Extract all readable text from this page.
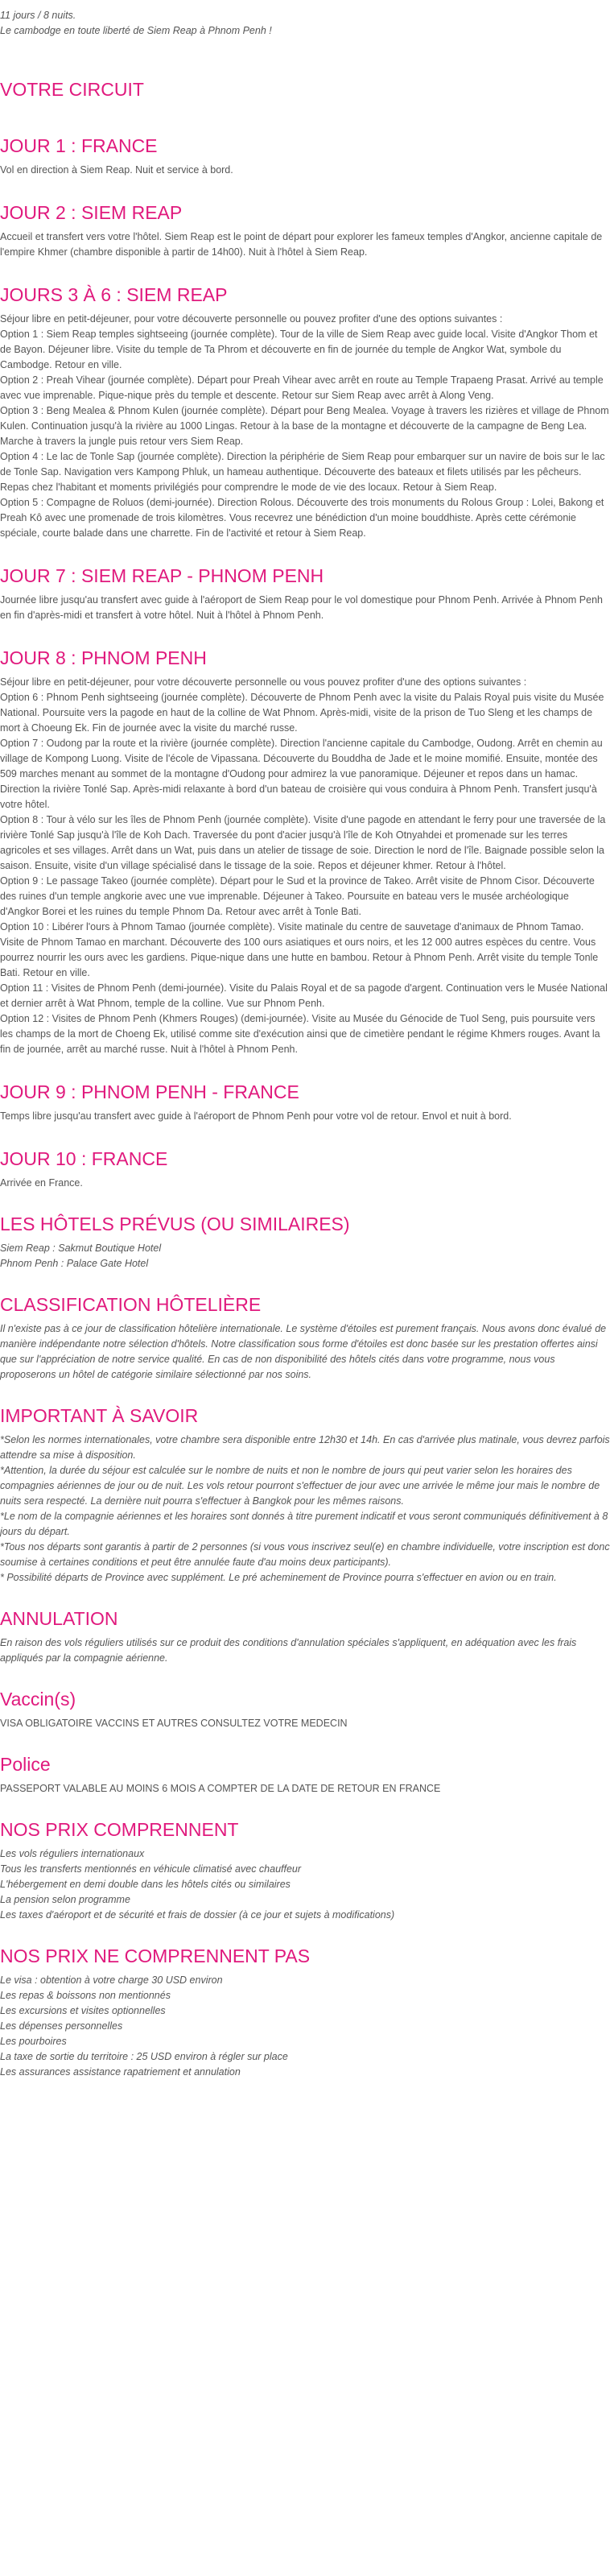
11 jours / 8 nuits.

Le cambodge en toute liberté de Siem Reap à Phnom Penh !

VOTRE CIRCUIT
JOUR 1 : FRANCE

Vol en direction à Siem Reap. Nuit et service à bord.

JOUR 2 : SIEM REAP

Accueil et transfert vers votre l'hôtel. Siem Reap est le point de départ pour explorer les fameux temples d'Angkor, ancienne capitale de l'empire Khmer (chambre disponible à partir de 14h00). Nuit à l'hôtel à Siem Reap.

JOURS 3 À 6 : SIEM REAP

Séjour libre en petit-déjeuner, pour votre découverte personnelle ou pouvez profiter d'une des options suivantes :

Option 1 : Siem Reap temples sightseeing (journée complète). Tour de la ville de Siem Reap avec guide local. Visite d'Angkor Thom et de Bayon. Déjeuner libre. Visite du temple de Ta Phrom et découverte en fin de journée du temple de Angkor Wat, symbole du Cambodge. Retour en ville.

Option 2 : Preah Vihear (journée complète). Départ pour Preah Vihear avec arrêt en route au Temple Trapaeng Prasat. Arrivé au temple avec vue imprenable. Pique-nique près du temple et descente. Retour sur Siem Reap avec arrêt à Along Veng.

Option 3 : Beng Mealea & Phnom Kulen (journée complète). Départ pour Beng Mealea. Voyage à travers les rizières et village de Phnom Kulen. Continuation jusqu'à la rivière au 1000 Lingas. Retour à la base de la montagne et découverte de la campagne de Beng Lea. Marche à travers la jungle puis retour vers Siem Reap.

Option 4 : Le lac de Tonle Sap (journée complète). Direction la périphérie de Siem Reap pour embarquer sur un navire de bois sur le lac de Tonle Sap. Navigation vers Kampong Phluk, un hameau authentique. Découverte des bateaux et filets utilisés par les pêcheurs. Repas chez l'habitant et moments privilégiés pour comprendre le mode de vie des locaux. Retour à Siem Reap.

Option 5 : Compagne de Roluos (demi-journée). Direction Rolous. Découverte des trois monuments du Rolous Group : Lolei, Bakong et Preah Kô avec une promenade de trois kilomètres. Vous recevrez une bénédiction d'un moine bouddhiste. Après cette cérémonie spéciale, courte balade dans une charrette. Fin de l'activité et retour à Siem Reap.

JOUR 7 : SIEM REAP - PHNOM PENH

Journée libre jusqu'au transfert avec guide à l'aéroport de Siem Reap pour le vol domestique pour Phnom Penh. Arrivée à Phnom Penh en fin d'après-midi et transfert à votre hôtel. Nuit à l'hôtel à Phnom Penh.

JOUR 8 : PHNOM PENH

Séjour libre en petit-déjeuner, pour votre découverte personnelle ou vous pouvez profiter d'une des options suivantes :

Option 6 : Phnom Penh sightseeing (journée complète). Découverte de Phnom Penh avec la visite du Palais Royal puis visite du Musée National. Poursuite vers la pagode en haut de la colline de Wat Phnom. Après-midi, visite de la prison de Tuo Sleng et les champs de mort à Choeung Ek. Fin de journée avec la visite du marché russe.

Option 7 : Oudong par la route et la rivière (journée complète). Direction l'ancienne capitale du Cambodge, Oudong. Arrêt en chemin au village de Kompong Luong. Visite de l'école de Vipassana. Découverte du Bouddha de Jade et le moine momifié. Ensuite, montée des 509 marches menant au sommet de la montagne d'Oudong pour admirez la vue panoramique. Déjeuner et repos dans un hamac. Direction la rivière Tonlé Sap. Après-midi relaxante à bord d'un bateau de croisière qui vous conduira à Phnom Penh. Transfert jusqu'à votre hôtel.

Option 8 : Tour à vélo sur les îles de Phnom Penh (journée complète). Visite d'une pagode en attendant le ferry pour une traversée de la rivière Tonlé Sap jusqu'à l'île de Koh Dach. Traversée du pont d'acier jusqu'à l'île de Koh Otnyahdei et promenade sur les terres agricoles et ses villages. Arrêt dans un Wat, puis dans un atelier de tissage de soie. Direction le nord de l'île. Baignade possible selon la saison. Ensuite, visite d'un village spécialisé dans le tissage de la soie. Repos et déjeuner khmer. Retour à l'hôtel.

Option 9 : Le passage Takeo (journée complète). Départ pour le Sud et la province de Takeo. Arrêt visite de Phnom Cisor. Découverte des ruines d'un temple angkorie avec une vue imprenable. Déjeuner à Takeo. Poursuite en bateau vers le musée archéologique d'Angkor Borei et les ruines du temple Phnom Da. Retour avec arrêt à Tonle Bati.

Option 10 : Libérer l'ours à Phnom Tamao (journée complète). Visite matinale du centre de sauvetage d'animaux de Phnom Tamao. Visite de Phnom Tamao en marchant. Découverte des 100 ours asiatiques et ours noirs, et les 12 000 autres espèces du centre. Vous pourrez nourrir les ours avec les gardiens. Pique-nique dans une hutte en bambou. Retour à Phnom Penh. Arrêt visite du temple Tonle Bati. Retour en ville.

Option 11 : Visites de Phnom Penh (demi-journée). Visite du Palais Royal et de sa pagode d'argent. Continuation vers le Musée National et dernier arrêt à Wat Phnom, temple de la colline. Vue sur Phnom Penh.

Option 12 : Visites de Phnom Penh (Khmers Rouges) (demi-journée). Visite au Musée du Génocide de Tuol Seng, puis poursuite vers les champs de la mort de Choeng Ek, utilisé comme site d'exécution ainsi que de cimetière pendant le régime Khmers rouges. Avant la fin de journée, arrêt au marché russe. Nuit à l'hôtel à Phnom Penh.

JOUR 9 : PHNOM PENH - FRANCE

Temps libre jusqu'au transfert avec guide à l'aéroport de Phnom Penh pour votre vol de retour. Envol et nuit à bord.

JOUR 10 : FRANCE

Arrivée en France.

LES HÔTELS PRÉVUS (OU SIMILAIRES)

Siem Reap : Sakmut Boutique Hotel

Phnom Penh : Palace Gate Hotel

CLASSIFICATION HÔTELIÈRE

Il n'existe pas à ce jour de classification hôtelière internationale. Le système d'étoiles est purement français. Nous avons donc évalué de manière indépendante notre sélection d'hôtels. Notre classification sous forme d'étoiles est donc basée sur les prestation offertes ainsi que sur l'appréciation de notre service qualité. En cas de non disponibilité des hôtels cités dans votre programme, nous vous proposerons un hôtel de catégorie similaire sélectionné par nos soins.

IMPORTANT À SAVOIR

*Selon les normes internationales, votre chambre sera disponible entre 12h30 et 14h. En cas d'arrivée plus matinale, vous devrez parfois attendre sa mise à disposition.

*Attention, la durée du séjour est calculée sur le nombre de nuits et non le nombre de jours qui peut varier selon les horaires des compagnies aériennes de jour ou de nuit. Les vols retour pourront s'effectuer de jour avec une arrivée le même jour mais le nombre de nuits sera respecté. La dernière nuit pourra s'effectuer à Bangkok pour les mêmes raisons.

*Le nom de la compagnie aériennes et les horaires sont donnés à titre purement indicatif et vous seront communiqués définitivement à 8 jours du départ.

*Tous nos départs sont garantis à partir de 2 personnes (si vous vous inscrivez seul(e) en chambre individuelle, votre inscription est donc soumise à certaines conditions et peut être annulée faute d'au moins deux participants).

* Possibilité départs de Province avec supplément. Le pré acheminement de Province pourra s'effectuer en avion ou en train.

ANNULATION

En raison des vols réguliers utilisés sur ce produit des conditions d'annulation spéciales s'appliquent, en adéquation avec les frais appliqués par la compagnie aérienne.

Vaccin(s)

VISA OBLIGATOIRE VACCINS ET AUTRES CONSULTEZ VOTRE MEDECIN

Police

PASSEPORT VALABLE AU MOINS 6 MOIS A COMPTER DE LA DATE DE RETOUR EN FRANCE

NOS PRIX COMPRENNENT
Les vols réguliers internationaux
Tous les transferts mentionnés en véhicule climatisé avec chauffeur
L'hébergement en demi double dans les hôtels cités ou similaires
La pension selon programme
Les taxes d'aéroport et de sécurité et frais de dossier (à ce jour et sujets à modifications)
NOS PRIX NE COMPRENNENT PAS
Le visa : obtention à votre charge 30 USD environ
Les repas & boissons non mentionnés
Les excursions et visites optionnelles
Les dépenses personnelles
Les pourboires
La taxe de sortie du territoire : 25 USD environ à régler sur place
Les assurances assistance rapatriement et annulation
